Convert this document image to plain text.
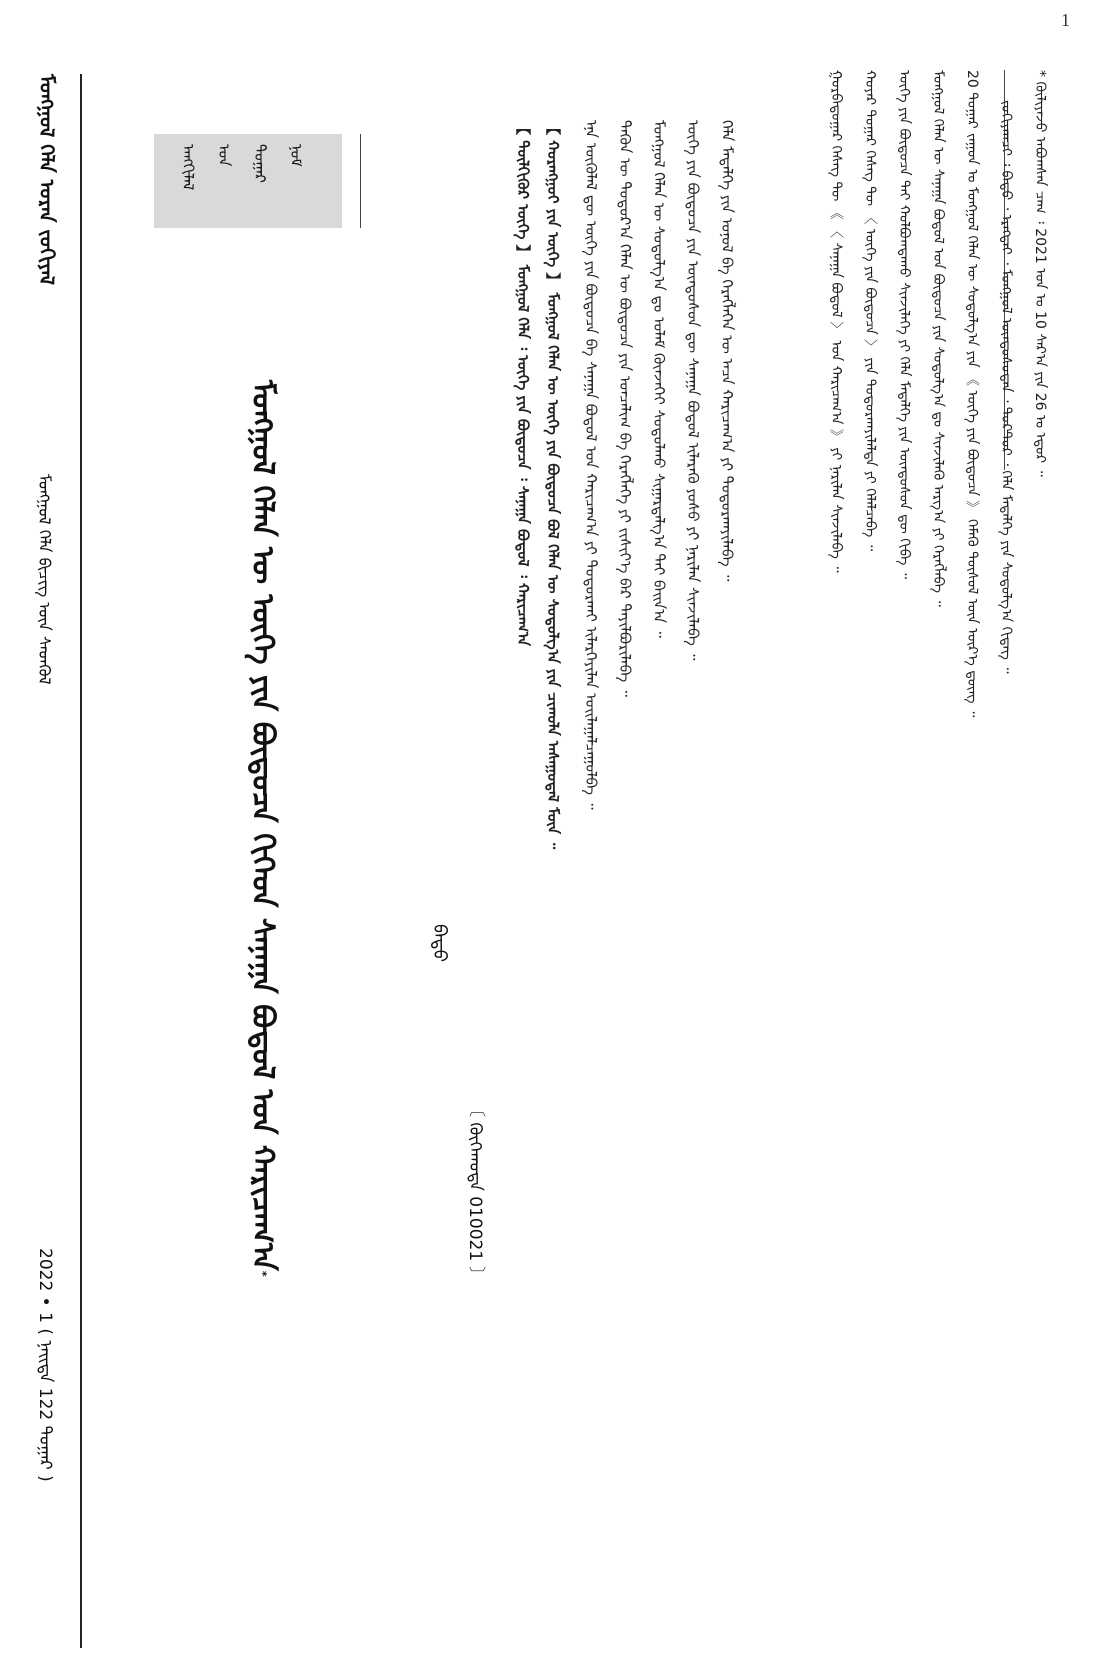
1
ᠮᠣᠩᠭᠣᠯ ᠬᠡᠯᠡ ᠤᠷᠠᠨ ᠵᠣᠬᠢᠶᠠᠯ
ᠮᠣᠩᠭᠣᠯ ᠬᠡᠯᠡ ᠪᠢᠴᠢᠭ ᠦᠨ ᠰᠡᠳᠬᠦᠯ
2022 • 1 ( ᠨᠡᠢᠲᠡ 122 ᠳᠤᠭᠠᠷ )
ᠠᠩᠭᠢᠯᠠᠯ ᠤᠨ ᠳᠤᠭᠠᠷ ᠨᠣᠮ
ᠮᠣᠩᠭᠣᠯ ᠬᠡᠯᠡᠨ ᠦ ᠦᠭᠡ ᠶᠢᠨ ᠪᠦᠲᠦᠴᠡ ᠬᠢᠭᠡᠳ ᠰᠠᠨᠠᠭᠠ ᠪᠣᠳᠣᠯ ᠤᠨ ᠬᠠᠷᠢᠴᠠᠭ᠎ᠠ*
ᠪᠠᠲᠤ
〔 ᠬᠥᠬᠡᠬᠣᠲᠠ 010021 〕
【 ᠬᠤᠷᠠᠩᠭᠤᠢ ᠶᠢᠨ ᠦᠭᠡ 】 ᠮᠣᠩᠭᠣᠯ ᠬᠡᠯᠡᠨ ᠦ ᠦᠭᠡ ᠶᠢᠨ ᠪᠦᠲᠦᠴᠡ ᠪᠣᠯ ᠬᠡᠯᠡᠨ ᠦ ᠰᠤᠳᠤᠯᠭ᠎ᠠ ᠶᠢᠨ ᠴᠢᠬᠤᠯᠠ ᠠᠰᠠᠭᠤᠳᠠᠯ ᠮᠥᠨ ᠃ ᠡᠨᠡ ᠥᠭᠦᠯᠡᠯ ᠳᠦ ᠦᠭᠡ ᠶᠢᠨ ᠪᠦᠲᠦᠴᠡ ᠪᠠ ᠰᠠᠨᠠᠭᠠ ᠪᠣᠳᠣᠯ ᠤᠨ ᠬᠠᠷᠢᠴᠠᠭ᠎ᠠ ᠶᠢ ᠲᠣᠳᠣᠷᠬᠠᠶ ᠢᠯᠡᠷᠬᠡᠶᠢᠯᠡᠨ ᠣᠢᠯᠠᠭᠠᠯᠴᠠᠭᠤᠯᠪᠠ ᠃ ᠲᠡᠭᠦᠨ ᠦ ᠳᠣᠲᠣᠷ᠎ᠠ ᠬᠡᠯᠡᠨ ᠦ ᠪᠦᠲᠦᠴᠡ ᠶᠢᠨ ᠣᠨᠴᠠᠯᠢᠭ ᠪᠠ ᠬᠡᠷᠡᠭᠯᠡᠭᠡ ᠶᠢ ᠵᠢᠱᠢᠶ᠎ᠡ ᠪᠡᠷ ᠲᠠᠶᠢᠯᠪᠤᠷᠢᠯᠠᠪᠠ ᠃ ᠮᠣᠩᠭᠣᠯ ᠬᠡᠯᠡᠨ ᠦ ᠰᠤᠳᠤᠯᠭ᠎ᠠ ᠳᠤ ᠤᠯᠠᠮ ᠭᠦᠨᠵᠡᠭᠡᠢ ᠰᠤᠳᠤᠯᠬᠤ ᠰᠢᠭᠠᠷᠳᠠᠯᠭ᠎ᠠ ᠲᠠᠢ ᠪᠠᠢᠨ᠎ᠠ ᠃ ᠦᠭᠡ ᠶᠢᠨ ᠪᠦᠲᠦᠴᠡ ᠶᠢᠨ ᠦᠨᠳᠦᠰᠦᠨ ᠳᠦ ᠰᠠᠨᠠᠭᠠ ᠪᠣᠳᠣᠯ ᠢᠯᠡᠷᠡᠬᠦ ᠶᠣᠰᠣ ᠶᠢ ᠨᠠᠷᠢᠯᠠᠨ ᠰᠢᠨᠵᠢᠯᠡᠪᠡ ᠃ ᠬᠡᠯᠡ ᠮᠡᠳᠡᠯᠭᠡ ᠶᠢᠨ ᠣᠨᠣᠯ ᠪᠠ ᠬᠡᠷᠡᠭᠯᠡᠭᠡᠨ ᠦ ᠠᠴᠠ ᠬᠠᠷᠢᠴᠠᠭ᠎ᠠ ᠶᠢ ᠲᠣᠳᠣᠷᠬᠠᠶᠢᠯᠠᠪᠠ ᠃
【 ᠲᠦᠯᠬᠢᠭᠦᠷ ᠦᠭᠡ 】 ᠮᠣᠩᠭᠣᠯ ᠬᠡᠯᠡ ᠄ ᠦᠭᠡ ᠶᠢᠨ ᠪᠦᠲᠦᠴᠡ ᠄ ᠰᠠᠨᠠᠭᠠ ᠪᠣᠳᠣᠯ ᠄ ᠬᠠᠷᠢᠴᠠᠭ᠎ᠠ
* ᠬᠦᠯᠢᠶᠡᠵᠦ ᠠᠪᠤᠭᠰᠠᠨ ᠴᠠᠭ ᠄ 2021 ᠣᠨ ᠤ 10 ᠰᠠᠷ᠎ᠠ ᠶᠢᠨ 26 ᠤ ᠡᠳᠦᠷ ᠃
ᠵᠣᠬᠢᠶᠠᠭᠴᠢ ᠄ ᠪᠠᠲᠤ ᠂ ᠡᠷᠡᠭᠲᠡᠢ ᠂ ᠮᠣᠩᠭᠣᠯ ᠦᠨᠳᠦᠰᠦᠲᠡᠨ ᠂ ᠳᠣᠺᠲ᠋ᠣᠷ ᠂ ᠬᠡᠯᠡ ᠮᠡᠳᠡᠯᠭᠡ ᠶᠢᠨ ᠰᠤᠳᠤᠯᠭ᠎ᠠ ᠬᠢᠳᠡᠭ ᠃
20 ᠳᠤᠭᠠᠷ ᠵᠠᠭᠤᠨ ᠤ ᠮᠣᠩᠭᠣᠯ ᠬᠡᠯᠡᠨ ᠦ ᠰᠤᠳᠤᠯᠭ᠎ᠠ ᠶᠢᠨ 《 ᠦᠭᠡ ᠶᠢᠨ ᠪᠦᠲᠦᠴᠡ 》 ᠬᠡᠮᠡᠬᠦ ᠲᠥᠰᠥᠯ ᠦᠨ ᠦᠷ᠎ᠡ ᠳ᠋ᠦᠩ ᠃
ᠮᠣᠩᠭᠣᠯ ᠬᠡᠯᠡᠨ ᠦ ᠰᠠᠨᠠᠭᠠ ᠪᠣᠳᠣᠯ ᠤᠨ ᠪᠦᠲᠦᠴᠡ ᠶᠢᠨ ᠰᠤᠳᠤᠯᠭ᠎ᠠ ᠳᠤ ᠰᠢᠨᠵᠢᠯᠡᠬᠦ ᠠᠷᠭ᠎ᠠ ᠶᠢ ᠬᠡᠷᠡᠭᠯᠡᠪᠡ ᠃
ᠦᠭᠡ ᠶᠢᠨ ᠪᠦᠲᠦᠴᠡ ᠲᠠᠢ ᠬᠣᠯᠪᠣᠭᠳᠠᠬᠤ ᠰᠢᠨᠵᠢᠯᠡᠭᠡ ᠶᠢ ᠬᠡᠯᠡ ᠮᠡᠳᠡᠯᠭᠡ ᠶᠢᠨ ᠦᠨᠳᠦᠰᠦᠨ ᠳᠦ ᠬᠢᠪᠡ ᠃
ᠬᠣᠶᠠᠷ ᠳᠤᠭᠠᠷ ᠬᠡᠰᠡᠭ ᠲᠦ 〈 ᠦᠭᠡ ᠶᠢᠨ ᠪᠦᠲᠦᠴᠡ 〉 ᠶᠢᠨ ᠲᠣᠳᠣᠷᠬᠠᠶᠢᠯᠠᠯᠲᠠ ᠶᠢ ᠬᠡᠯᠡᠯᠴᠡᠪᠡ ᠃
ᠭᠤᠷᠪᠠᠳᠤᠭᠠᠷ ᠬᠡᠰᠡᠭ ᠲᠦ 《 〈 ᠰᠠᠨᠠᠭᠠ ᠪᠣᠳᠣᠯ 〉 ᠤᠨ ᠬᠠᠷᠢᠴᠠᠭ᠎ᠠ 》 ᠶᠢ ᠨᠠᠷᠢᠯᠠᠨ ᠰᠢᠨᠵᠢᠯᠡᠪᠡ ᠃
